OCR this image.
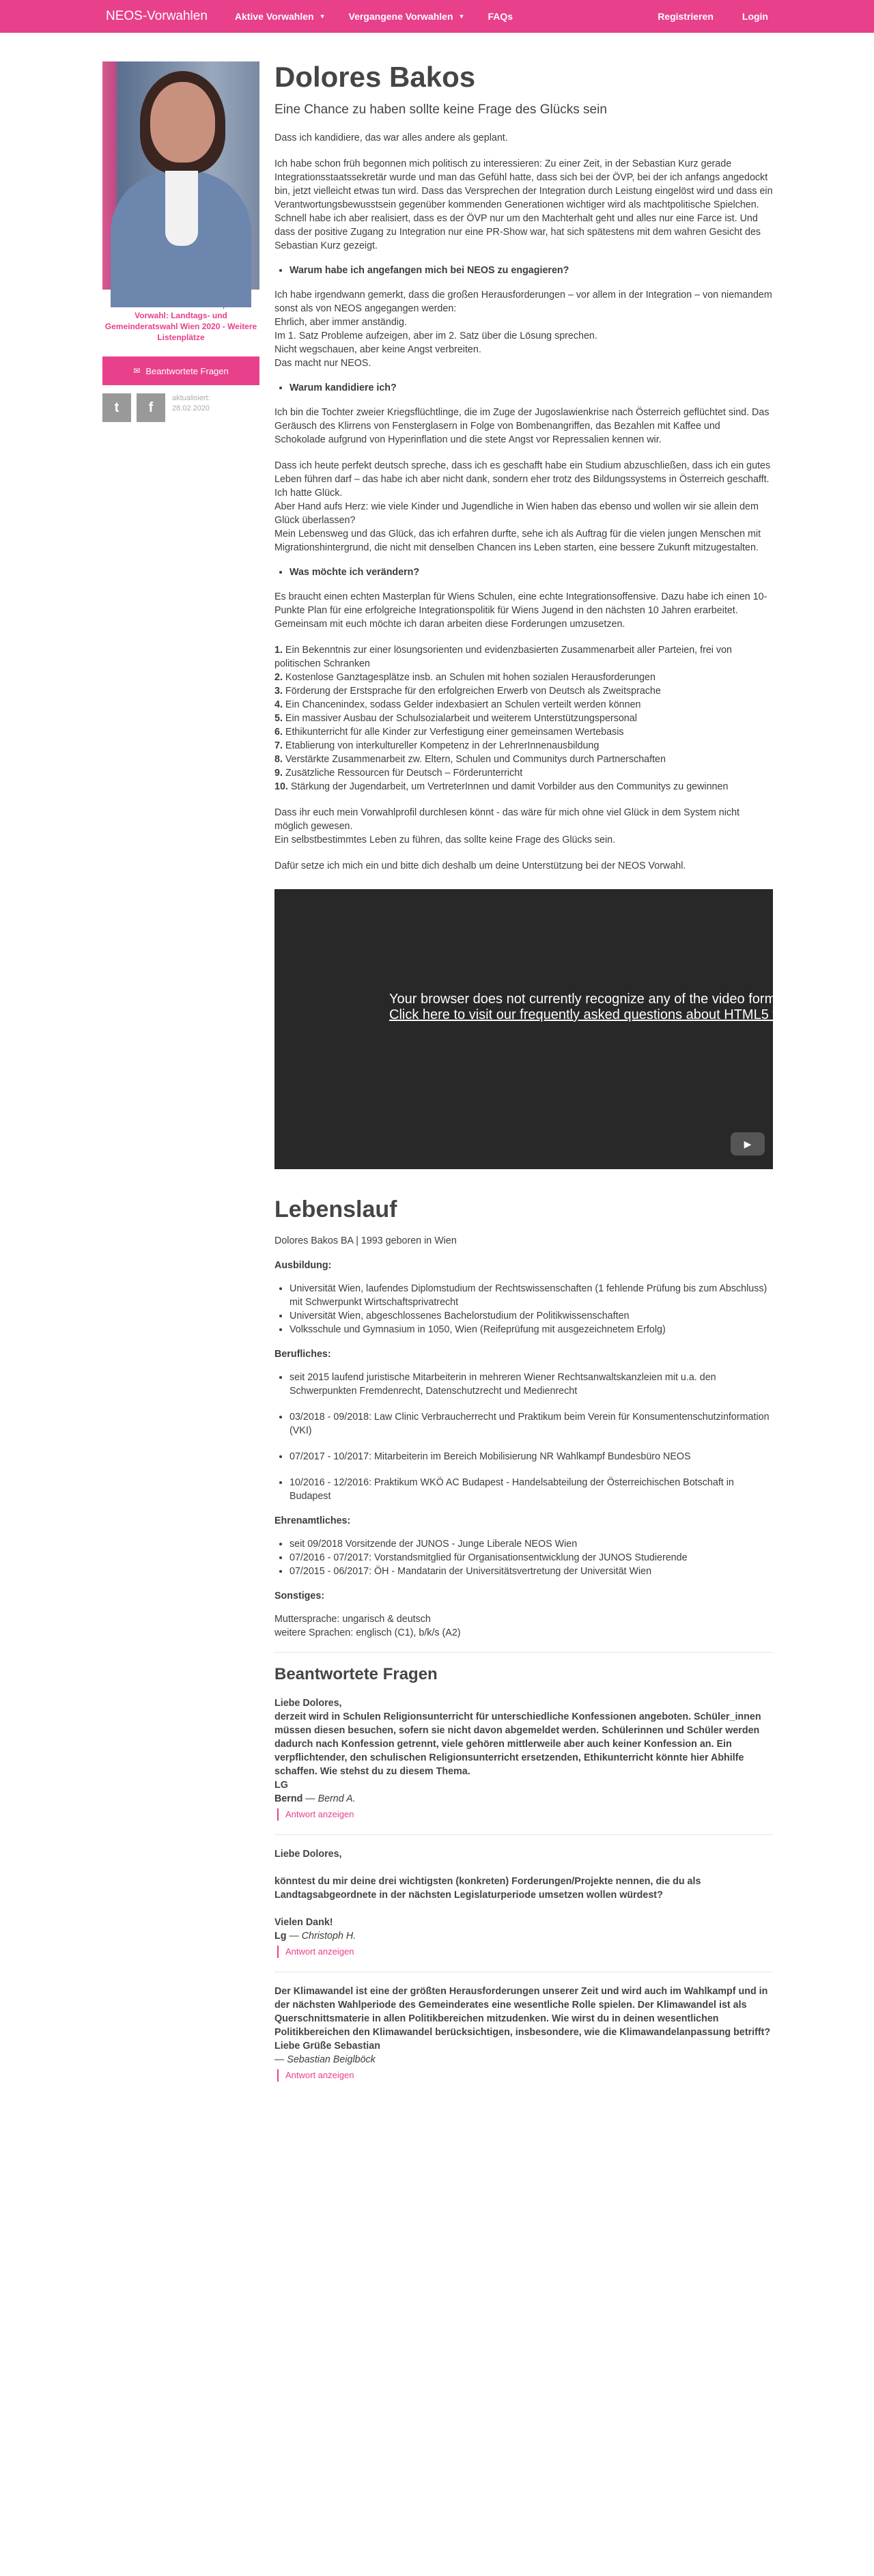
NEOS-Vorwahlen	Aktive Vorwahlen ▼ Vergangene Vorwahlen ▼ FAQs	Registrieren	Login
Vorwahl: Landtags- und Gemeinderatswahl Wien 2020 - Weitere Listenplätze
✉ Beantwortete Fragen
t	f
aktualisiert:
28.02.2020
Dolores Bakos
Eine Chance zu haben sollte keine Frage des Glücks sein

Dass ich kandidiere, das war alles andere als geplant.

Ich habe schon früh begonnen mich politisch zu interessieren: Zu einer Zeit, in der Sebastian Kurz gerade Integrationsstaatssekretär wurde und man das Gefühl hatte, dass sich bei der ÖVP, bei der ich anfangs angedockt bin, jetzt vielleicht etwas tun wird. Dass das Versprechen der Integration durch Leistung eingelöst wird und dass ein Verantwortungsbewusstsein gegenüber kommenden Generationen wichtiger wird als machtpolitische Spielchen.
Schnell habe ich aber realisiert, dass es der ÖVP nur um den Machterhalt geht und alles nur eine Farce ist. Und dass der positive Zugang zu Integration nur eine PR-Show war, hat sich spätestens mit dem wahren Gesicht des Sebastian Kurz gezeigt.

• Warum habe ich angefangen mich bei NEOS zu engagieren?

Ich habe irgendwann gemerkt, dass die großen Herausforderungen – vor allem in der Integration – von niemandem sonst als von NEOS angegangen werden:
Ehrlich, aber immer anständig.
Im 1. Satz Probleme aufzeigen, aber im 2. Satz über die Lösung sprechen.
Nicht wegschauen, aber keine Angst verbreiten.
Das macht nur NEOS.

• Warum kandidiere ich?

Ich bin die Tochter zweier Kriegsflüchtlinge, die im Zuge der Jugoslawienkrise nach Österreich geflüchtet sind. Das Geräusch des Klirrens von Fensterglasern in Folge von Bombenangriffen, das Bezahlen mit Kaffee und Schokolade aufgrund von Hyperinflation und die stete Angst vor Repressalien kennen wir.

Dass ich heute perfekt deutsch spreche, dass ich es geschafft habe ein Studium abzuschließen, dass ich ein gutes Leben führen darf – das habe ich aber nicht dank, sondern eher trotz des Bildungssystems in Österreich geschafft. Ich hatte Glück.
Aber Hand aufs Herz: wie viele Kinder und Jugendliche in Wien haben das ebenso und wollen wir sie allein dem Glück überlassen?
Mein Lebensweg und das Glück, das ich erfahren durfte, sehe ich als Auftrag für die vielen jungen Menschen mit Migrationshintergrund, die nicht mit denselben Chancen ins Leben starten, eine bessere Zukunft mitzugestalten.

• Was möchte ich verändern?

Es braucht einen echten Masterplan für Wiens Schulen, eine echte Integrationsoffensive. Dazu habe ich einen 10-Punkte Plan für eine erfolgreiche Integrationspolitik für Wiens Jugend in den nächsten 10 Jahren erarbeitet. Gemeinsam mit euch möchte ich daran arbeiten diese Forderungen umzusetzen.

1. Ein Bekenntnis zur einer lösungsorienten und evidenzbasierten Zusammenarbeit aller Parteien, frei von politischen Schranken
2. Kostenlose Ganztagesplätze insb. an Schulen mit hohen sozialen Herausforderungen
3. Förderung der Erstsprache für den erfolgreichen Erwerb von Deutsch als Zweitsprache
4. Ein Chancenindex, sodass Gelder indexbasiert an Schulen verteilt werden können
5. Ein massiver Ausbau der Schulsozialarbeit und weiterem Unterstützungspersonal
6. Ethikunterricht für alle Kinder zur Verfestigung einer gemeinsamen Wertebasis
7. Etablierung von interkultureller Kompetenz in der LehrerInnenausbildung
8. Verstärkte Zusammenarbeit zw. Eltern, Schulen und Communitys durch Partnerschaften
9. Zusätzliche Ressourcen für Deutsch – Förderunterricht
10. Stärkung der Jugendarbeit, um VertreterInnen und damit Vorbilder aus den Communitys zu gewinnen

Dass ihr euch mein Vorwahlprofil durchlesen könnt - das wäre für mich ohne viel Glück in dem System nicht möglich gewesen.
Ein selbstbestimmtes Leben zu führen, das sollte keine Frage des Glücks sein.

Dafür setze ich mich ein und bitte dich deshalb um deine Unterstützung bei der NEOS Vorwahl.

Your browser does not currently recognize any of the video formats available.
Click here to visit our frequently asked questions about HTML5 video.
▶
Lebenslauf

Dolores Bakos BA | 1993 geboren in Wien

Ausbildung:
• Universität Wien, laufendes Diplomstudium der Rechtswissenschaften (1 fehlende Prüfung bis zum Abschluss) mit Schwerpunkt Wirtschaftsprivatrecht
• Universität Wien, abgeschlossenes Bachelorstudium der Politikwissenschaften
• Volksschule und Gymnasium in 1050, Wien (Reifeprüfung mit ausgezeichnetem Erfolg)
Berufliches:
• seit 2015 laufend juristische Mitarbeiterin in mehreren Wiener Rechtsanwaltskanzleien mit u.a. den Schwerpunkten Fremdenrecht, Datenschutzrecht und Medienrecht
• 03/2018 - 09/2018: Law Clinic Verbraucherrecht und Praktikum beim Verein für Konsumentenschutzinformation (VKI)
• 07/2017 - 10/2017: Mitarbeiterin im Bereich Mobilisierung NR Wahlkampf Bundesbüro NEOS
• 10/2016 - 12/2016: Praktikum WKÖ AC Budapest - Handelsabteilung der Österreichischen Botschaft in Budapest
Ehrenamtliches:
• seit 09/2018 Vorsitzende der JUNOS - Junge Liberale NEOS Wien
• 07/2016 - 07/2017: Vorstandsmitglied für Organisationsentwicklung der JUNOS Studierende
• 07/2015 - 06/2017: ÖH - Mandatarin der Universitätsvertretung der Universität Wien
Sonstiges:

Muttersprache: ungarisch & deutsch
weitere Sprachen: englisch (C1), b/k/s (A2)

Beantwortete Fragen
Liebe Dolores,
derzeit wird in Schulen Religionsunterricht für unterschiedliche Konfessionen angeboten. Schüler_innen müssen diesen besuchen, sofern sie nicht davon abgemeldet werden. Schülerinnen und Schüler werden dadurch nach Konfession getrennt, viele gehören mittlerweile aber auch keiner Konfession an. Ein verpflichtender, den schulischen Religionsunterricht ersetzenden, Ethikunterricht könnte hier Abhilfe schaffen. Wie stehst du zu diesem Thema.
LG
Bernd — Bernd A.
Antwort anzeigen
Liebe Dolores,

könntest du mir deine drei wichtigsten (konkreten) Forderungen/Projekte nennen, die du als Landtagsabgeordnete in der nächsten Legislaturperiode umsetzen wollen würdest?

Vielen Dank!
Lg — Christoph H.
Antwort anzeigen
Der Klimawandel ist eine der größten Herausforderungen unserer Zeit und wird auch im Wahlkampf und in der nächsten Wahlperiode des Gemeinderates eine wesentliche Rolle spielen. Der Klimawandel ist als Querschnittsmaterie in allen Politikbereichen mitzudenken. Wie wirst du in deinen wesentlichen Politikbereichen den Klimawandel berücksichtigen, insbesondere, wie die Klimawandelanpassung betrifft? Liebe Grüße Sebastian
— Sebastian Beiglböck
Antwort anzeigen
